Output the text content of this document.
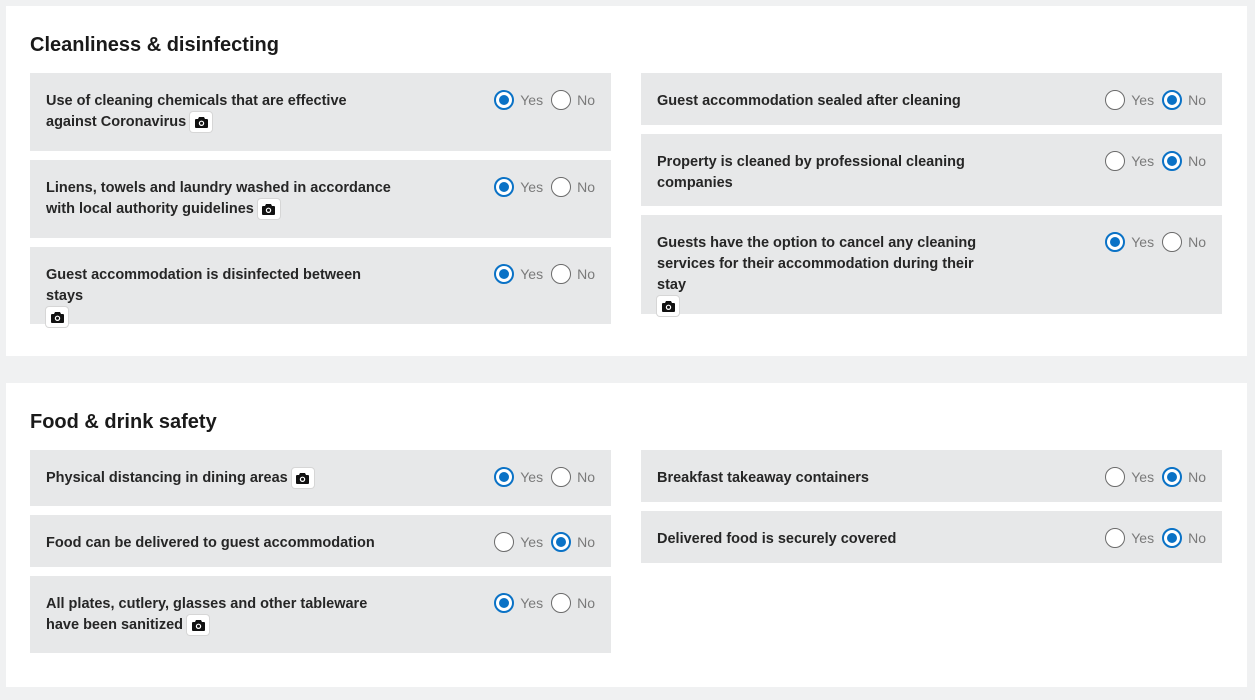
Cleanliness & disinfecting
Use of cleaning chemicals that are effective against Coronavirus
Yes No
Linens, towels and laundry washed in accordance with local authority guidelines
Yes No
Guest accommodation is disinfected between stays

Yes No
Guest accommodation sealed after cleaning	Yes No
Property is cleaned by professional cleaning companies
Yes No
Guests have the option to cancel any cleaning services for their accommodation during their stay

Yes No
Food & drink safety
Physical distancing in dining areas	Yes No
Food can be delivered to guest accommodation	Yes No
All plates, cutlery, glasses and other tableware have been sanitized
Yes No
Breakfast takeaway containers	Yes No
Delivered food is securely covered	Yes No
